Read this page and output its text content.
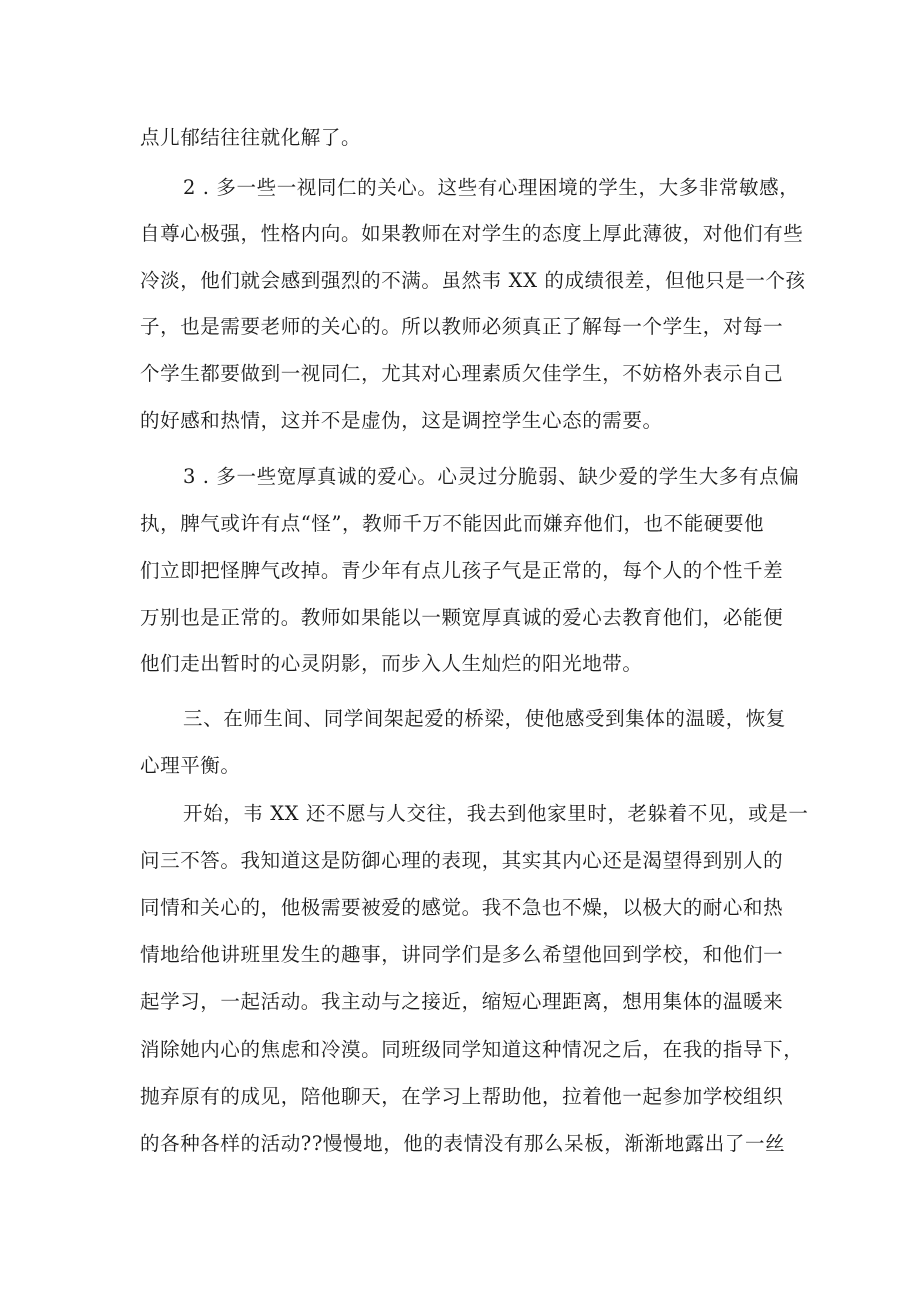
点儿郁结往往就化解了。
2 . 多一些一视同仁的关心。这些有心理困境的学生，大多非常敏感，
自尊心极强，性格内向。如果教师在对学生的态度上厚此薄彼，对他们有些
冷淡，他们就会感到强烈的不满。虽然韦 XX 的成绩很差，但他只是一个孩
子，也是需要老师的关心的。所以教师必须真正了解每一个学生，对每一
个学生都要做到一视同仁，尤其对心理素质欠佳学生，不妨格外表示自己
的好感和热情，这并不是虚伪，这是调控学生心态的需要。
3 . 多一些宽厚真诚的爱心。心灵过分脆弱、缺少爱的学生大多有点偏
执，脾气或许有点“怪”，教师千万不能因此而嫌弃他们，也不能硬要他
们立即把怪脾气改掉。青少年有点儿孩子气是正常的，每个人的个性千差
万别也是正常的。教师如果能以一颗宽厚真诚的爱心去教育他们，必能便
他们走出暂时的心灵阴影，而步入人生灿烂的阳光地带。
三、在师生间、同学间架起爱的桥梁，使他感受到集体的温暖，恢复
心理平衡。
开始，韦 XX 还不愿与人交往，我去到他家里时，老躲着不见，或是一
问三不答。我知道这是防御心理的表现，其实其内心还是渴望得到别人的
同情和关心的，他极需要被爱的感觉。我不急也不燥，以极大的耐心和热
情地给他讲班里发生的趣事，讲同学们是多么希望他回到学校，和他们一
起学习，一起活动。我主动与之接近，缩短心理距离，想用集体的温暖来
消除她内心的焦虑和冷漠。同班级同学知道这种情况之后，在我的指导下，
抛弃原有的成见，陪他聊天，在学习上帮助他，拉着他一起参加学校组织
的各种各样的活动??慢慢地，他的表情没有那么呆板，渐渐地露出了一丝
